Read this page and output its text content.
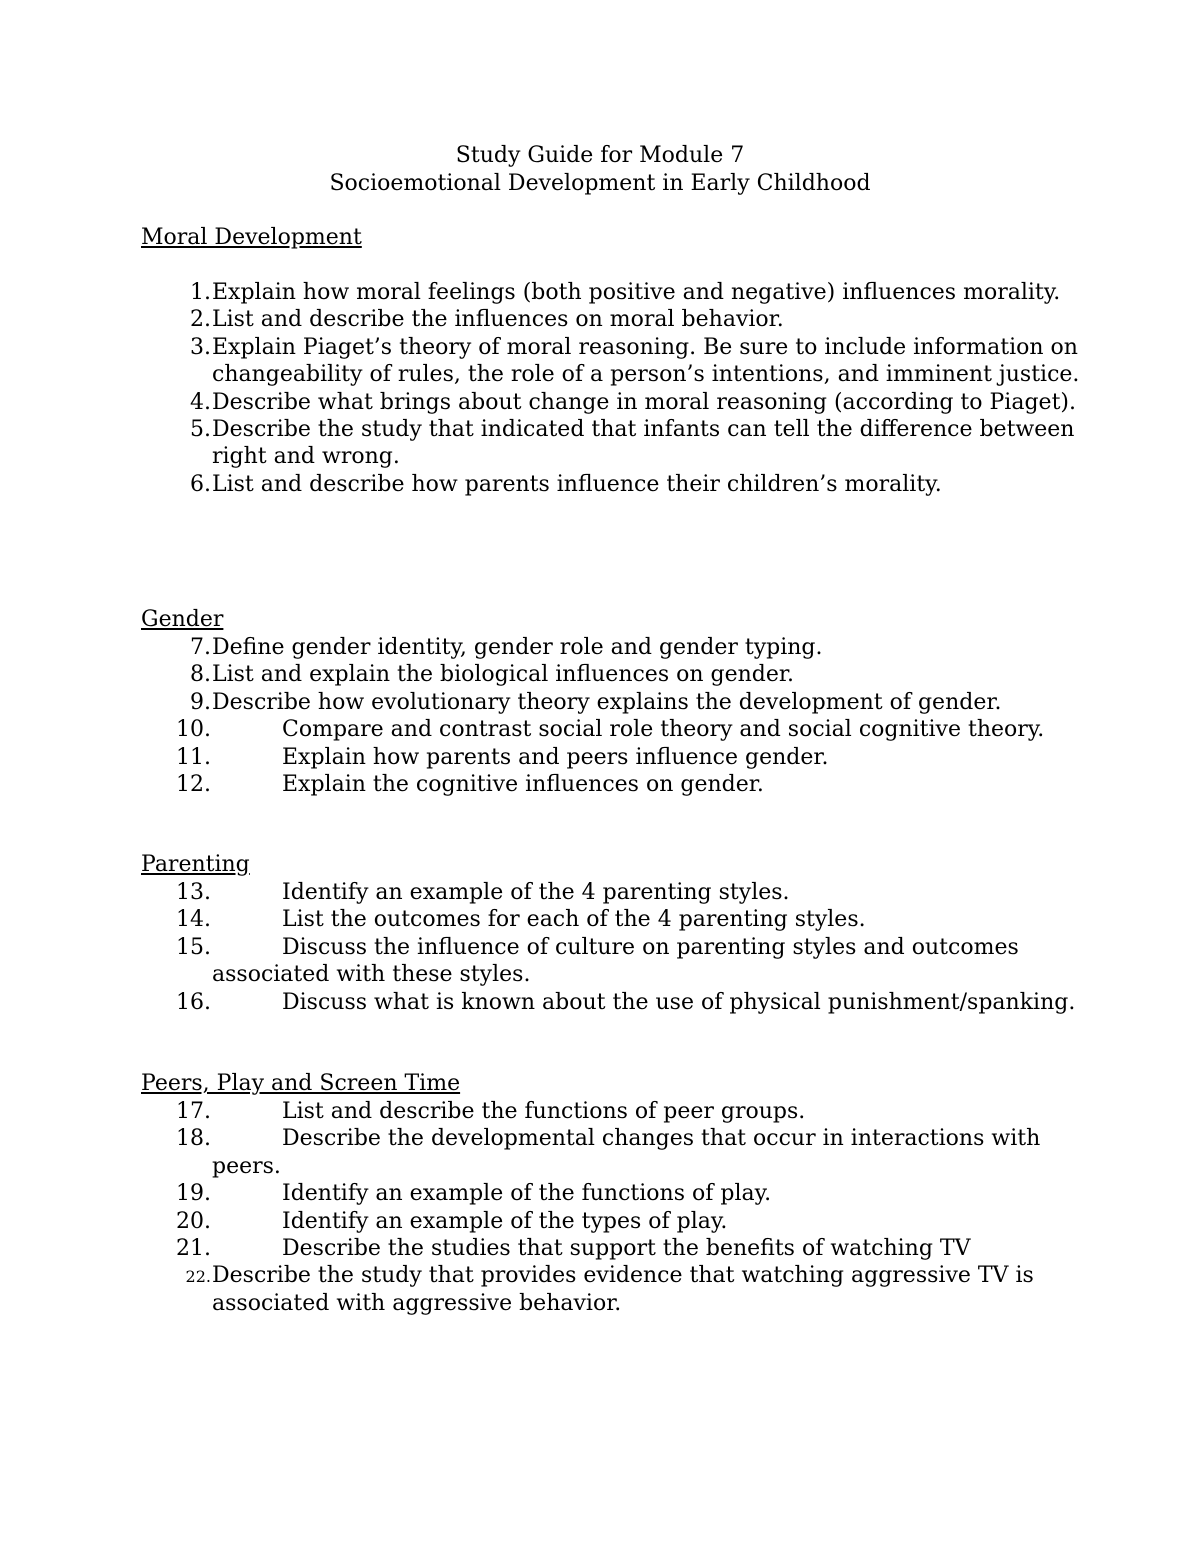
Study Guide for Module 7
Socioemotional Development in Early Childhood
Moral Development
1. Explain how moral feelings (both positive and negative) influences morality.
2. List and describe the influences on moral behavior.
3. Explain Piaget’s theory of moral reasoning. Be sure to include information on changeability of rules, the role of a person’s intentions, and imminent justice.
4. Describe what brings about change in moral reasoning (according to Piaget).
5. Describe the study that indicated that infants can tell the difference between right and wrong.
6. List and describe how parents influence their children’s morality.
Gender
7. Define gender identity, gender role and gender typing.
8. List and explain the biological influences on gender.
9. Describe how evolutionary theory explains the development of gender.
10.	Compare and contrast social role theory and social cognitive theory.
11.	Explain how parents and peers influence gender.
12.	Explain the cognitive influences on gender.
Parenting
13.	Identify an example of the 4 parenting styles.
14.	List the outcomes for each of the 4 parenting styles.
15.	Discuss the influence of culture on parenting styles and outcomes associated with these styles.
16.	Discuss what is known about the use of physical punishment/spanking.
Peers, Play and Screen Time
17.	List and describe the functions of peer groups.
18.	Describe the developmental changes that occur in interactions with peers.
19.	Identify an example of the functions of play.
20.	Identify an example of the types of play.
21.	Describe the studies that support the benefits of watching TV
22. Describe the study that provides evidence that watching aggressive TV is associated with aggressive behavior.
